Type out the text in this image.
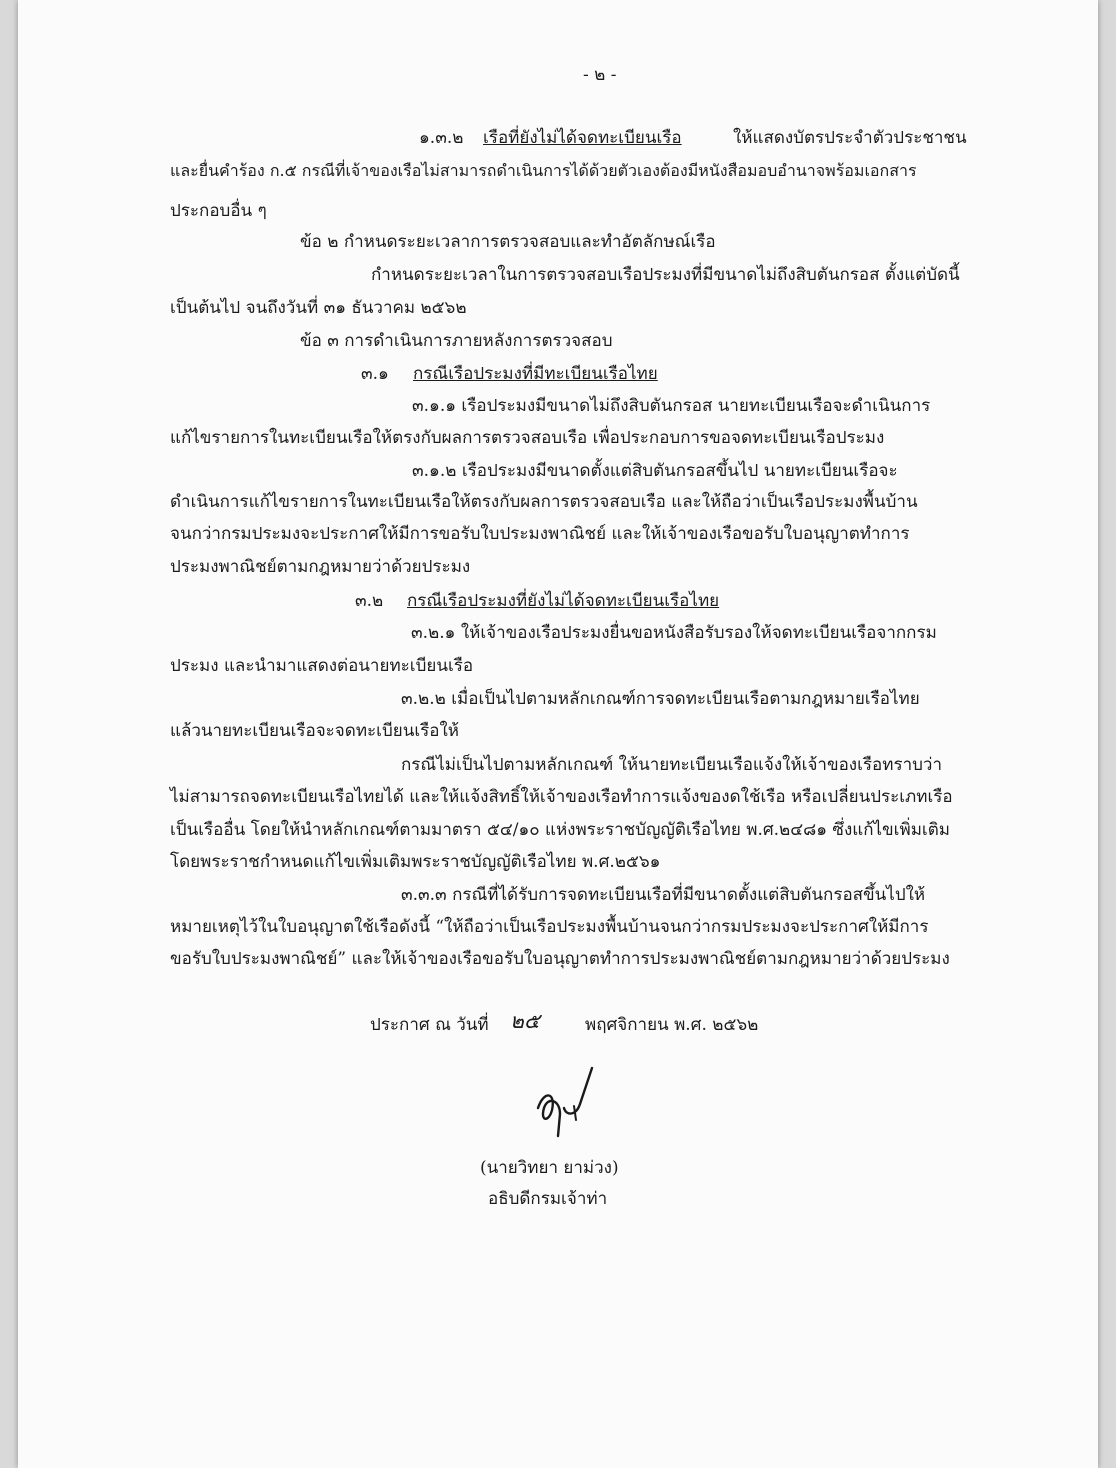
- ๒ -
๑.๓.๒ เรือที่ยังไม่ได้จดทะเบียนเรือ	ให้แสดงบัตรประจำตัวประชาชน
และยื่นคำร้อง ก.๕ กรณีที่เจ้าของเรือไม่สามารถดำเนินการได้ด้วยตัวเองต้องมีหนังสือมอบอำนาจพร้อมเอกสาร
ประกอบอื่น ๆ
ข้อ ๒ กำหนดระยะเวลาการตรวจสอบและทำอัตลักษณ์เรือ
กำหนดระยะเวลาในการตรวจสอบเรือประมงที่มีขนาดไม่ถึงสิบตันกรอส ตั้งแต่บัดนี้
เป็นต้นไป จนถึงวันที่ ๓๑ ธันวาคม ๒๕๖๒
ข้อ ๓ การดำเนินการภายหลังการตรวจสอบ
๓.๑ กรณีเรือประมงที่มีทะเบียนเรือไทย
๓.๑.๑ เรือประมงมีขนาดไม่ถึงสิบตันกรอส นายทะเบียนเรือจะดำเนินการ
แก้ไขรายการในทะเบียนเรือให้ตรงกับผลการตรวจสอบเรือ เพื่อประกอบการขอจดทะเบียนเรือประมง
๓.๑.๒ เรือประมงมีขนาดตั้งแต่สิบตันกรอสขึ้นไป นายทะเบียนเรือจะ
ดำเนินการแก้ไขรายการในทะเบียนเรือให้ตรงกับผลการตรวจสอบเรือ และให้ถือว่าเป็นเรือประมงพื้นบ้าน
จนกว่ากรมประมงจะประกาศให้มีการขอรับใบประมงพาณิชย์ และให้เจ้าของเรือขอรับใบอนุญาตทำการ
ประมงพาณิชย์ตามกฎหมายว่าด้วยประมง
๓.๒ กรณีเรือประมงที่ยังไม่ได้จดทะเบียนเรือไทย
๓.๒.๑ ให้เจ้าของเรือประมงยื่นขอหนังสือรับรองให้จดทะเบียนเรือจากกรม
ประมง และนำมาแสดงต่อนายทะเบียนเรือ
๓.๒.๒ เมื่อเป็นไปตามหลักเกณฑ์การจดทะเบียนเรือตามกฎหมายเรือไทย
แล้วนายทะเบียนเรือจะจดทะเบียนเรือให้
กรณีไม่เป็นไปตามหลักเกณฑ์ ให้นายทะเบียนเรือแจ้งให้เจ้าของเรือทราบว่า
ไม่สามารถจดทะเบียนเรือไทยได้ และให้แจ้งสิทธิ์ให้เจ้าของเรือทำการแจ้งของดใช้เรือ หรือเปลี่ยนประเภทเรือ
เป็นเรืออื่น โดยให้นำหลักเกณฑ์ตามมาตรา ๕๔/๑๐ แห่งพระราชบัญญัติเรือไทย พ.ศ.๒๔๘๑ ซึ่งแก้ไขเพิ่มเติม
โดยพระราชกำหนดแก้ไขเพิ่มเติมพระราชบัญญัติเรือไทย พ.ศ.๒๕๖๑
๓.๓.๓ กรณีที่ได้รับการจดทะเบียนเรือที่มีขนาดตั้งแต่สิบตันกรอสขึ้นไปให้
หมายเหตุไว้ในใบอนุญาตใช้เรือดังนี้ “ให้ถือว่าเป็นเรือประมงพื้นบ้านจนกว่ากรมประมงจะประกาศให้มีการ
ขอรับใบประมงพาณิชย์” และให้เจ้าของเรือขอรับใบอนุญาตทำการประมงพาณิชย์ตามกฎหมายว่าด้วยประมง
ประกาศ ณ วันที่ ๒๕	พฤศจิกายน พ.ศ. ๒๕๖๒
(นายวิทยา ยาม่วง)
อธิบดีกรมเจ้าท่า
